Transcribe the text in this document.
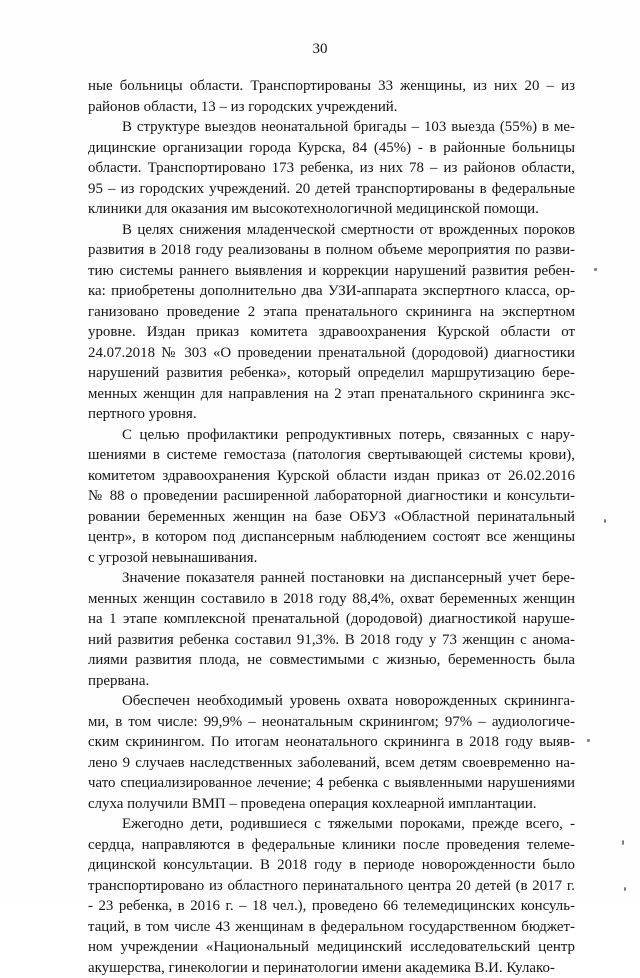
30
ные больницы области. Транспортированы 33 женщины, из них 20 – из
районов области, 13 – из городских учреждений.
В структуре выездов неонатальной бригады – 103 выезда (55%) в ме-
дицинские организации города Курска, 84 (45%) - в районные больницы
области. Транспортировано 173 ребенка, из них 78 – из районов области,
95 – из городских учреждений. 20 детей транспортированы в федеральные
клиники для оказания им высокотехнологичной медицинской помощи.
В целях снижения младенческой смертности от врожденных пороков
развития в 2018 году реализованы в полном объеме мероприятия по разви-
тию системы раннего выявления и коррекции нарушений развития ребен-
ка: приобретены дополнительно два УЗИ-аппарата экспертного класса, ор-
ганизовано проведение 2 этапа пренатального скрининга на экспертном
уровне. Издан приказ комитета здравоохранения Курской области от
24.07.2018 № 303 «О проведении пренатальной (дородовой) диагностики
нарушений развития ребенка», который определил маршрутизацию бере-
менных женщин для направления на 2 этап пренатального скрининга экс-
пертного уровня.
С целью профилактики репродуктивных потерь, связанных с нару-
шениями в системе гемостаза (патология свертывающей системы крови),
комитетом здравоохранения Курской области издан приказ от 26.02.2016
№ 88 о проведении расширенной лабораторной диагностики и консульти-
ровании беременных женщин на базе ОБУЗ «Областной перинатальный
центр», в котором под диспансерным наблюдением состоят все женщины
с угрозой невынашивания.
Значение показателя ранней постановки на диспансерный учет бере-
менных женщин составило в 2018 году 88,4%, охват беременных женщин
на 1 этапе комплексной пренатальной (дородовой) диагностикой наруше-
ний развития ребенка составил 91,3%. В 2018 году у 73 женщин с анома-
лиями развития плода, не совместимыми с жизнью, беременность была
прервана.
Обеспечен необходимый уровень охвата новорожденных скрининга-
ми, в том числе: 99,9% – неонатальным скринингом; 97% – аудиологиче-
ским скринингом. По итогам неонатального скрининга в 2018 году выяв-
лено 9 случаев наследственных заболеваний, всем детям своевременно на-
чато специализированное лечение; 4 ребенка с выявленными нарушениями
слуха получили ВМП – проведена операция кохлеарной имплантации.
Ежегодно дети, родившиеся с тяжелыми пороками, прежде всего, -
сердца, направляются в федеральные клиники после проведения телеме-
дицинской консультации. В 2018 году в периоде новорожденности было
транспортировано из областного перинатального центра 20 детей (в 2017 г.
- 23 ребенка, в 2016 г. – 18 чел.), проведено 66 телемедицинских консуль-
таций, в том числе 43 женщинам в федеральном государственном бюджет-
ном учреждении «Национальный медицинский исследовательский центр
акушерства, гинекологии и перинатологии имени академика В.И. Кулако-
